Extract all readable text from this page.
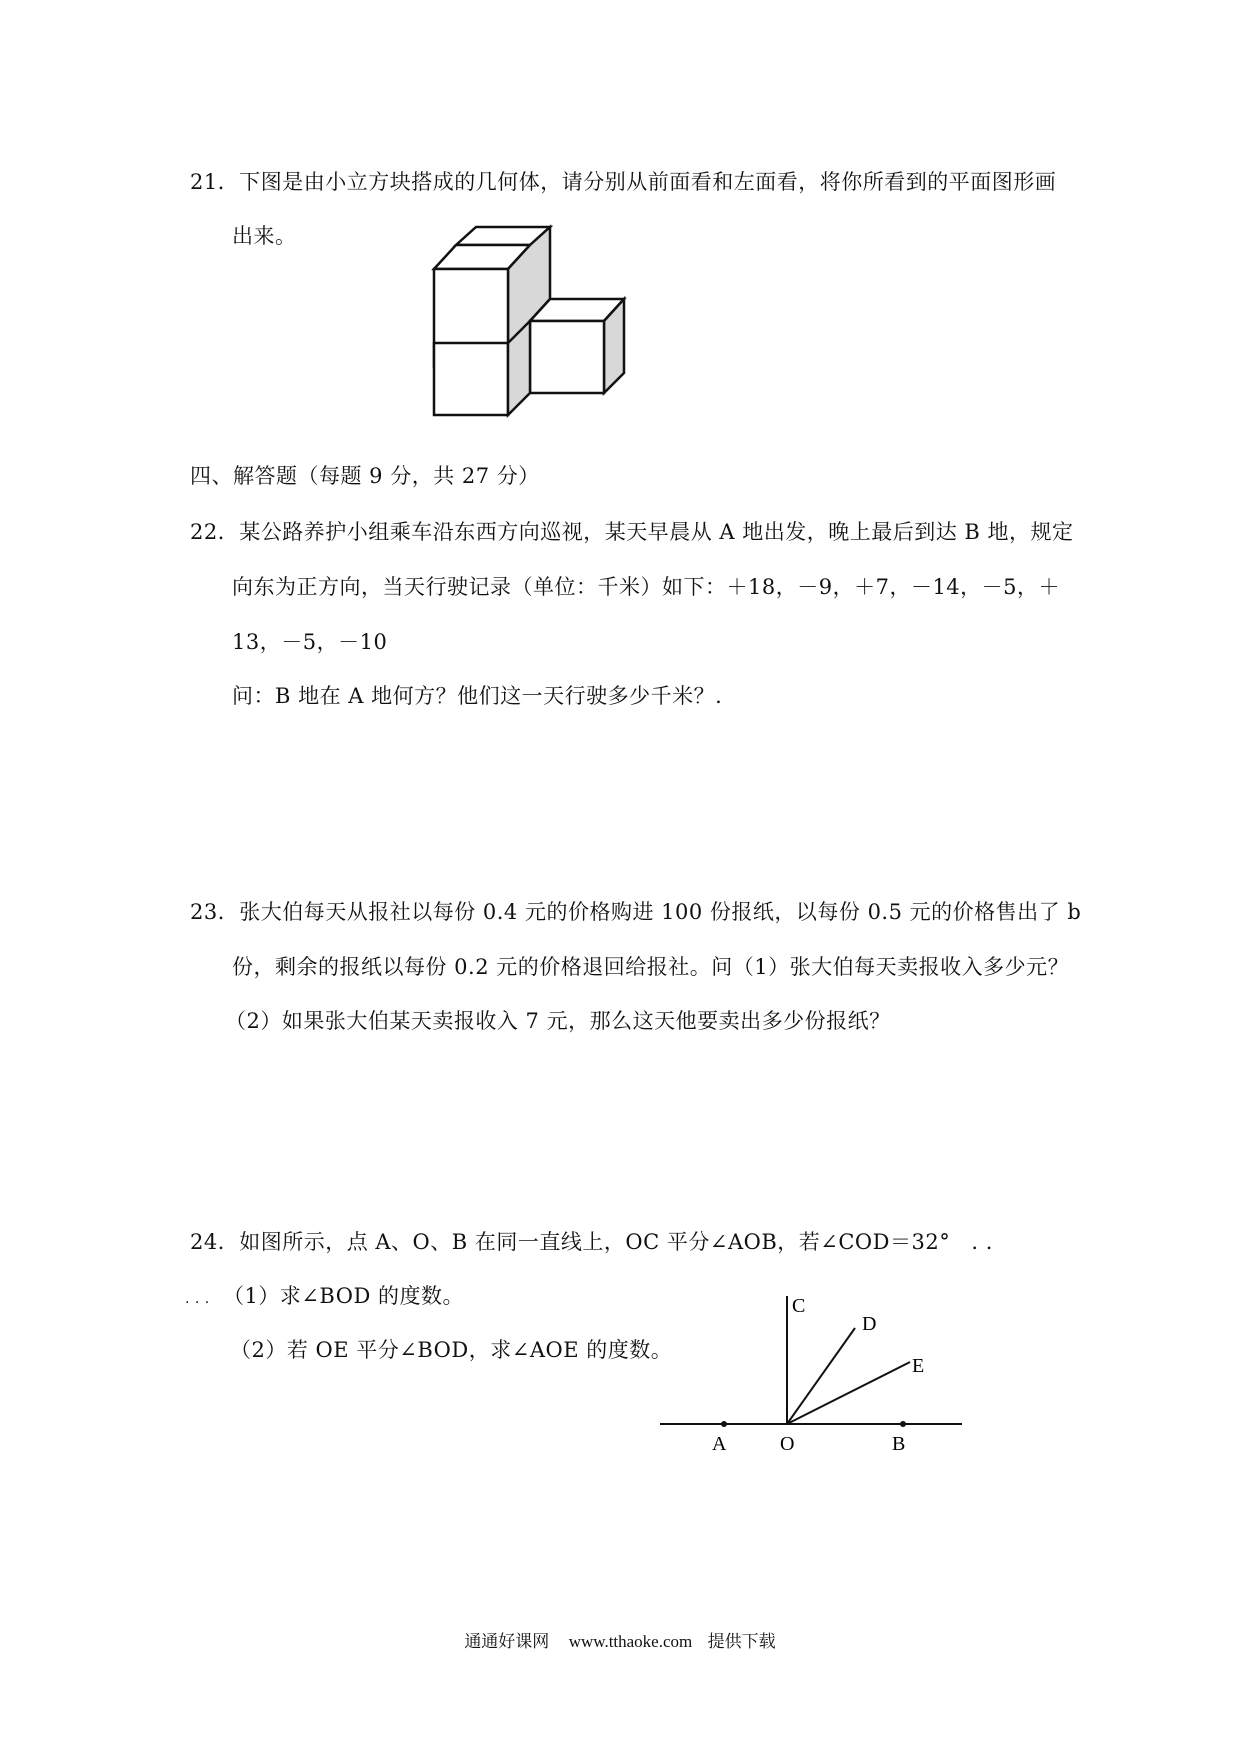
21．下图是由小立方块搭成的几何体，请分别从前面看和左面看，将你所看到的平面图形画
出来。
四、解答题（每题 9 分，共 27 分）
22．某公路养护小组乘车沿东西方向巡视，某天早晨从 A 地出发，晚上最后到达 B 地，规定
向东为正方向，当天行驶记录（单位：千米）如下：＋18，－9，＋7，－14，－5，＋
13，－5，－10
问：B 地在 A 地何方？他们这一天行驶多少千米？.
23．张大伯每天从报社以每份 0.4 元的价格购进 100 份报纸，以每份 0.5 元的价格售出了 b
份，剩余的报纸以每份 0.2 元的价格退回给报社。问（1）张大伯每天卖报收入多少元？
（2）如果张大伯某天卖报收入 7 元，那么这天他要卖出多少份报纸？
24．如图所示，点 A、O、B 在同一直线上，OC 平分∠AOB，若∠COD＝32° . .
. . . （1）求∠BOD 的度数。
（2）若 OE 平分∠BOD，求∠AOE 的度数。
A	O	B
C
D
E
通通好课网 www.tthaoke.com 提供下载
